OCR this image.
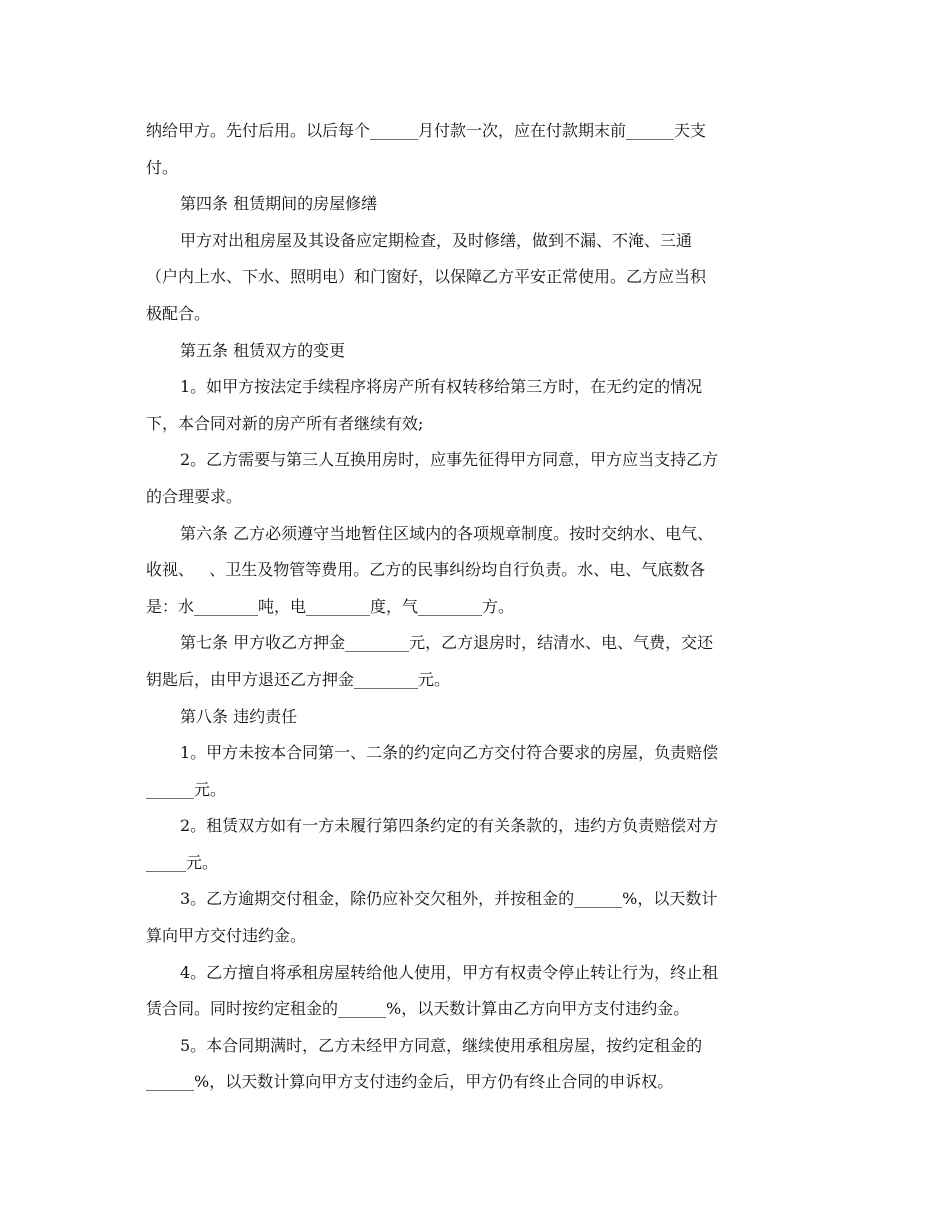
纳给甲方。先付后用。以后每个______月付款一次，应在付款期末前______天支
付。
第四条 租赁期间的房屋修缮
甲方对出租房屋及其设备应定期检查，及时修缮，做到不漏、不淹、三通
（户内上水、下水、照明电）和门窗好，以保障乙方平安正常使用。乙方应当积
极配合。
第五条 租赁双方的变更
1。如甲方按法定手续程序将房产所有权转移给第三方时，在无约定的情况
下，本合同对新的房产所有者继续有效;
2。乙方需要与第三人互换用房时，应事先征得甲方同意，甲方应当支持乙方
的合理要求。
第六条 乙方必须遵守当地暂住区域内的各项规章制度。按时交纳水、电气、
收视、   、卫生及物管等费用。乙方的民事纠纷均自行负责。水、电、气底数各
是：水________吨，电________度，气________方。
第七条 甲方收乙方押金________元，乙方退房时，结清水、电、气费，交还
钥匙后，由甲方退还乙方押金________元。
第八条 违约责任
1。甲方未按本合同第一、二条的约定向乙方交付符合要求的房屋，负责赔偿
______元。
2。租赁双方如有一方未履行第四条约定的有关条款的，违约方负责赔偿对方
_____元。
3。乙方逾期交付租金，除仍应补交欠租外，并按租金的______%，以天数计
算向甲方交付违约金。
4。乙方擅自将承租房屋转给他人使用，甲方有权责令停止转让行为，终止租
赁合同。同时按约定租金的______%，以天数计算由乙方向甲方支付违约金。
5。本合同期满时，乙方未经甲方同意，继续使用承租房屋，按约定租金的
______%，以天数计算向甲方支付违约金后，甲方仍有终止合同的申诉权。
